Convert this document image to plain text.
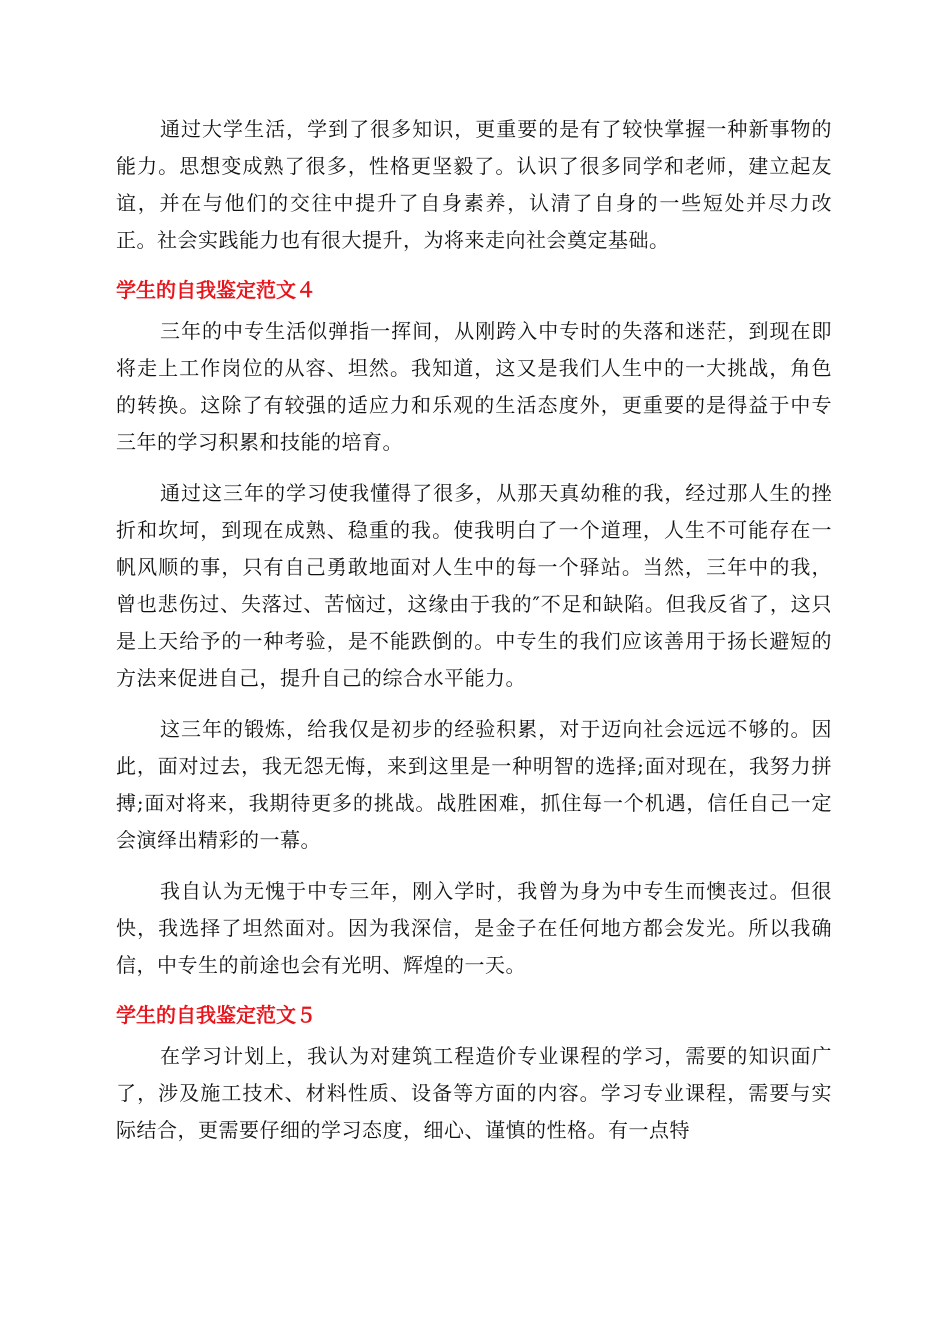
通过大学生活，学到了很多知识，更重要的是有了较快掌握一种新事物的能力。思想变成熟了很多，性格更坚毅了。认识了很多同学和老师，建立起友谊，并在与他们的交往中提升了自身素养，认清了自身的一些短处并尽力改正。社会实践能力也有很大提升，为将来走向社会奠定基础。

学生的自我鉴定范文４

三年的中专生活似弹指一挥间，从刚跨入中专时的失落和迷茫，到现在即将走上工作岗位的从容、坦然。我知道，这又是我们人生中的一大挑战，角色的转换。这除了有较强的适应力和乐观的生活态度外，更重要的是得益于中专三年的学习积累和技能的培育。

通过这三年的学习使我懂得了很多，从那天真幼稚的我，经过那人生的挫折和坎坷，到现在成熟、稳重的我。使我明白了一个道理，人生不可能存在一帆风顺的事，只有自己勇敢地面对人生中的每一个驿站。当然，三年中的我，曾也悲伤过、失落过、苦恼过，这缘由于我的″不足和缺陷。但我反省了，这只是上天给予的一种考验，是不能跌倒的。中专生的我们应该善用于扬长避短的方法来促进自己，提升自己的综合水平能力。

这三年的锻炼，给我仅是初步的经验积累，对于迈向社会远远不够的。因此，面对过去，我无怨无悔，来到这里是一种明智的选择;面对现在，我努力拼搏;面对将来，我期待更多的挑战。战胜困难，抓住每一个机遇，信任自己一定会演绎出精彩的一幕。

我自认为无愧于中专三年，刚入学时，我曾为身为中专生而懊丧过。但很快，我选择了坦然面对。因为我深信，是金子在任何地方都会发光。所以我确信，中专生的前途也会有光明、辉煌的一天。

学生的自我鉴定范文５

在学习计划上，我认为对建筑工程造价专业课程的学习，需要的知识面广了，涉及施工技术、材料性质、设备等方面的内容。学习专业课程，需要与实际结合，更需要仔细的学习态度，细心、谨慎的性格。有一点特
